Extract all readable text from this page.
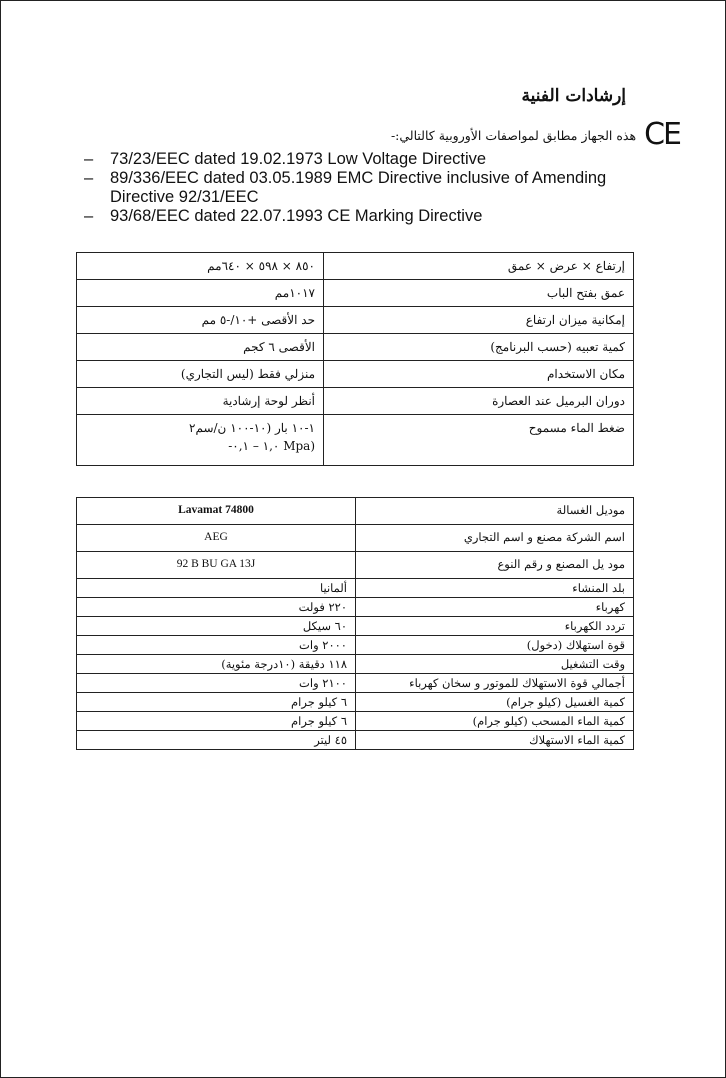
إرشادات الفنية
CE
هذه الجهاز مطابق لمواصفات الأوروبية كالتالي:-
– 73/23/EEC dated 19.02.1973 Low Voltage Directive
– 89/336/EEC dated 03.05.1989 EMC Directive inclusive of Amending Directive 92/31/EEC
– 93/68/EEC dated 22.07.1993 CE Marking Directive
إرتفاع × عرض × عمق	٨٥٠ × ٥٩٨ × ٦٤٠مم
عمق بفتح الباب	١٠١٧مم
إمكانية ميزان ارتفاع	حد الأقصى +١٠/-٥ مم
كمية تعبيه (حسب البرنامج)	الأقصى ٦ كجم
مكان الاستخدام	منزلي فقط (ليس التجاري)
دوران البرميل عند العصارة	أنظر لوحة إرشادية
ضغط الماء مسموح	١-١٠ بار (١٠-١٠٠ ن/سم٢
(Mpa ١,٠ – ٠,١-
موديل الغسالة	Lavamat 74800
اسم الشركة مصنع و اسم التجاري	AEG
مود يل المصنع و رقم النوع	92 B BU GA 13J
بلد المنشاء	ألمانيا
كهرباء	٢٢٠ فولت
تردد الكهرباء	٦٠ سيكل
قوة استهلاك (دخول)	٢٠٠٠ وات
وقت التشغيل	١١٨ دقيقة (١٠درجة مئوية)
أجمالي قوة الاستهلاك للموتور و سخان كهرباء	٢١٠٠ وات
كمية الغسيل (كيلو جرام)	٦ كيلو جرام
كمية الماء المسحب (كيلو جرام)	٦ كيلو جرام
كمية الماء الاستهلاك	٤٥ ليتر
